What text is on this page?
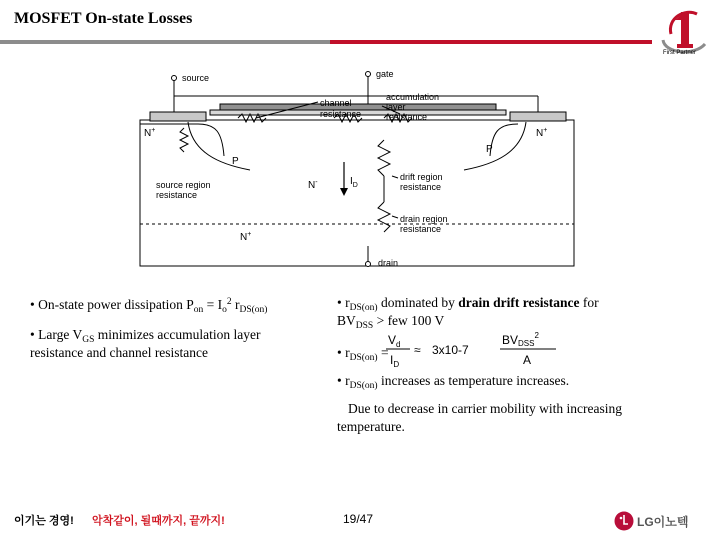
MOSFET On-state Losses
First Partner
source	gate
drain
channel
resistance
accumulation
layer
resistance
source region
resistance
drift region
resistance
drain region
resistance
N+	N+
N+
N-
P
P
$I_D$
• On-state power dissipation $P_{on} = I_o^2$ $r_{DS(on)}$
• Large $V_{GS}$ minimizes accumulation layer resistance and channel resistance
• $r_{DS(on)}$ dominated by drain drift resistance for
$BV_{DSS}$ > few 100 V
• $r_{DS(on)}$ =
$V_d$
$I_D$
≈ 3x10-7
BVDSS$^2$
A
• $r_{DS(on)}$ increases as temperature increases.
Due to decrease in carrier mobility with increasing temperature.
이기는 경영! 악착같이, 될때까지, 끝까지!	19/47	LG이노텍
